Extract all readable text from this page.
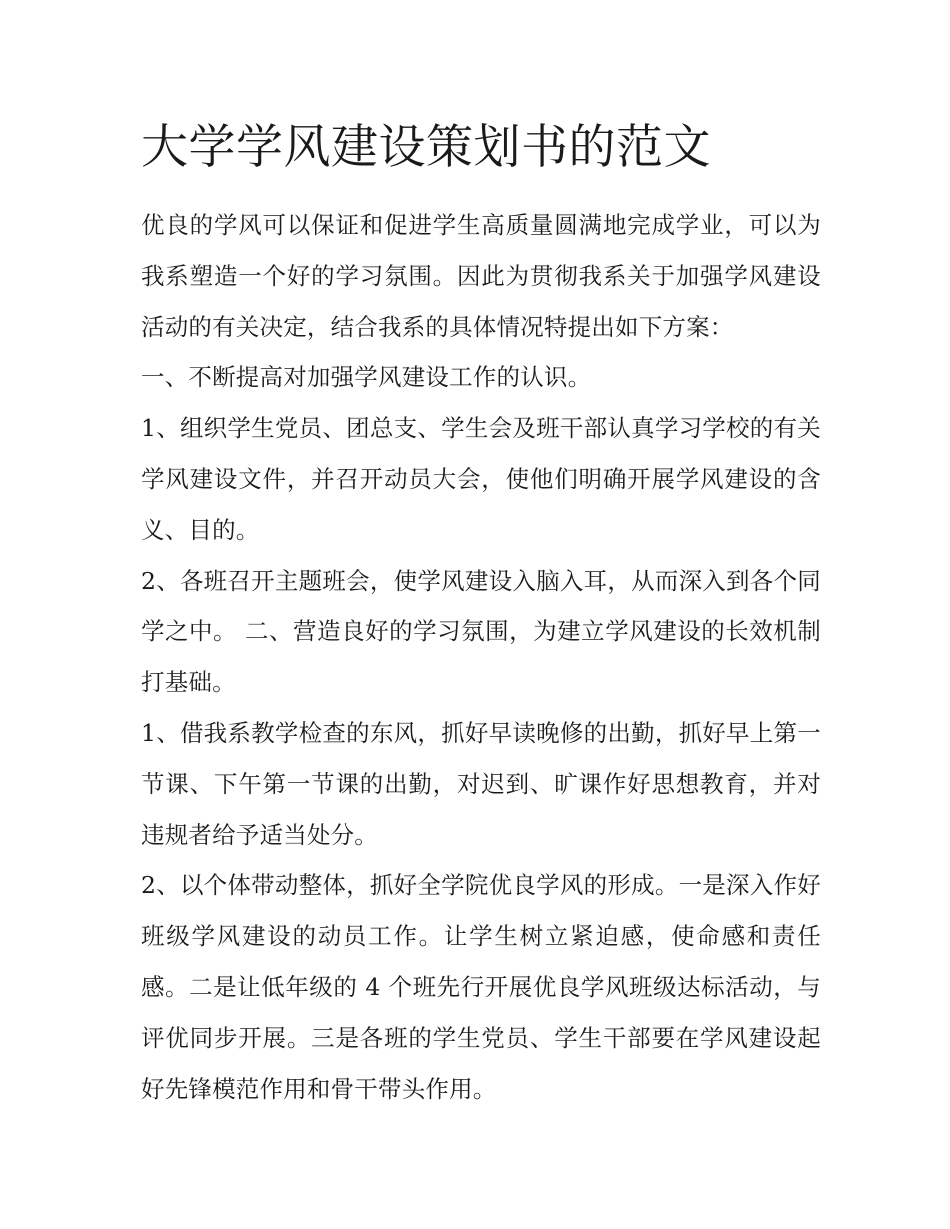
大学学风建设策划书的范文

优良的学风可以保证和促进学生高质量圆满地完成学业，可以为我系塑造一个好的学习氛围。因此为贯彻我系关于加强学风建设活动的有关决定，结合我系的具体情况特提出如下方案：

一、不断提高对加强学风建设工作的认识。

1、组织学生党员、团总支、学生会及班干部认真学习学校的有关学风建设文件，并召开动员大会，使他们明确开展学风建设的含义、目的。

2、各班召开主题班会，使学风建设入脑入耳，从而深入到各个同学之中。 二、营造良好的学习氛围，为建立学风建设的长效机制打基础。

1、借我系教学检查的东风，抓好早读晚修的出勤，抓好早上第一节课、下午第一节课的出勤，对迟到、旷课作好思想教育，并对违规者给予适当处分。

2、以个体带动整体，抓好全学院优良学风的形成。一是深入作好班级学风建设的动员工作。让学生树立紧迫感，使命感和责任感。二是让低年级的 4 个班先行开展优良学风班级达标活动，与评优同步开展。三是各班的学生党员、学生干部要在学风建设起好先锋模范作用和骨干带头作用。
